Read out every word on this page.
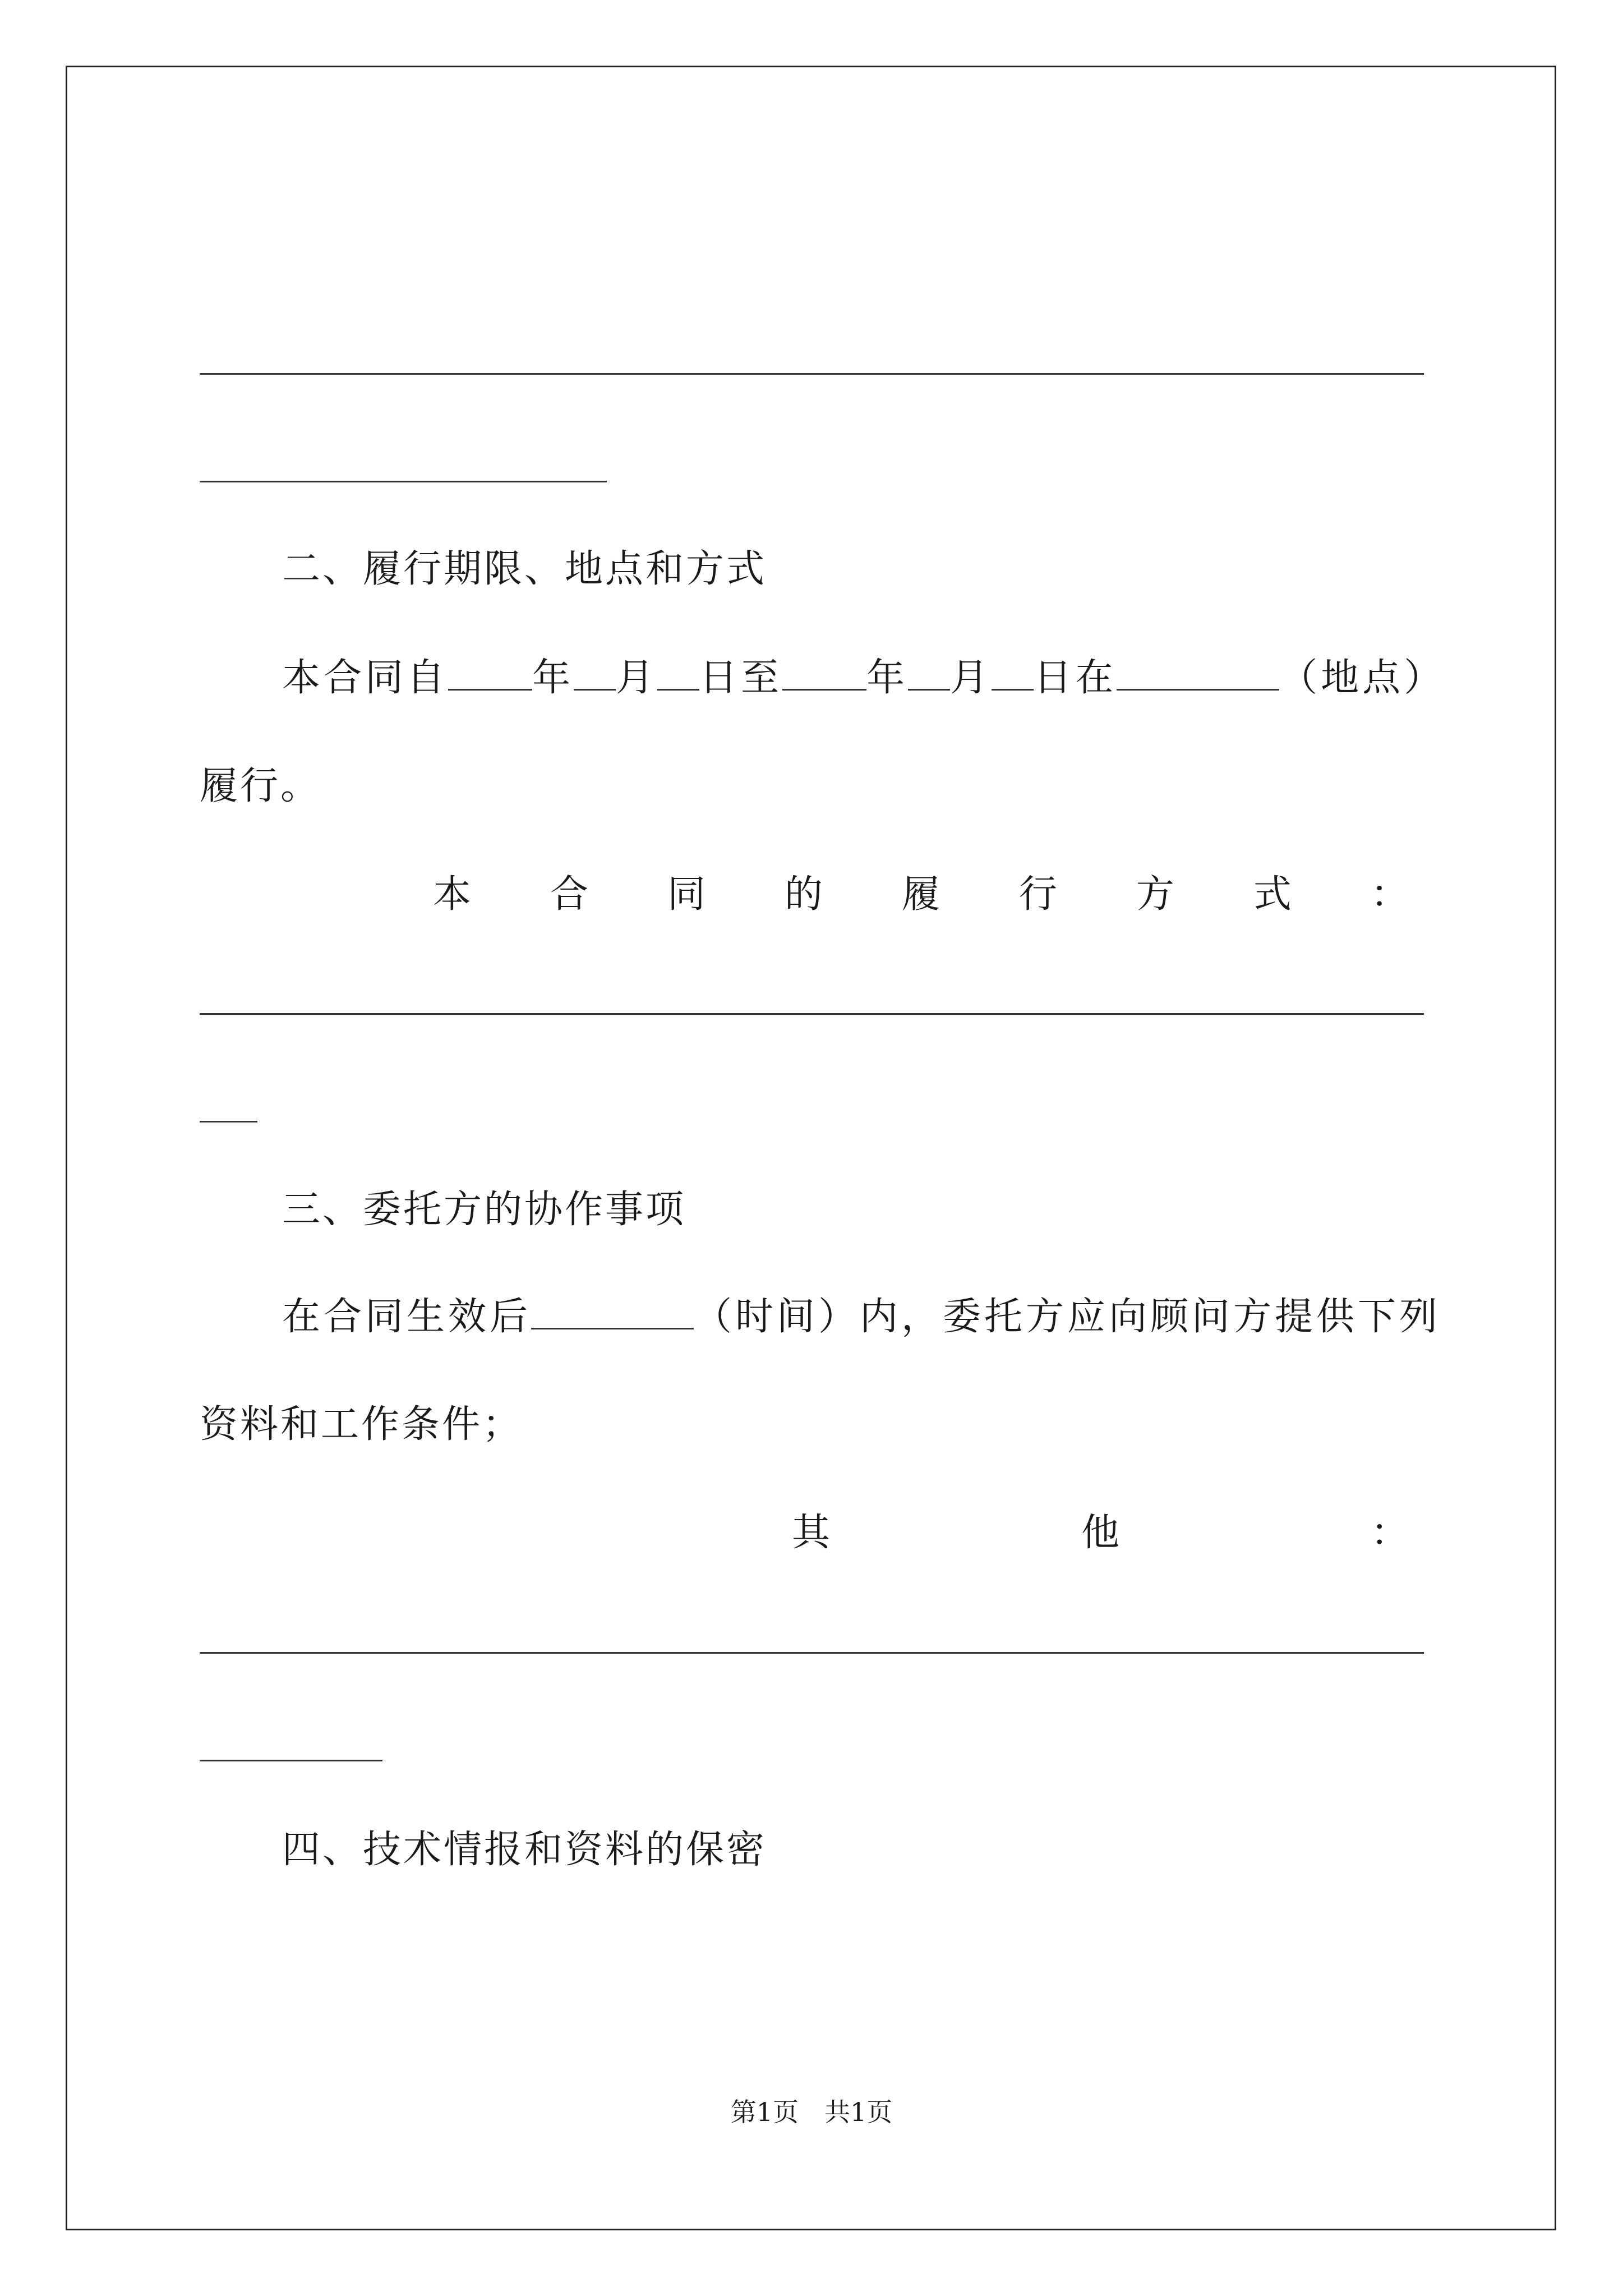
二、履行期限、地点和方式
本合同自 年 月 日至 年 月 日在	（地点）
履行。
本 合 同 的 履 行 方 式 ：
三、委托方的协作事项
在合同生效后	（时间）内，委托方应向顾问方提供下列
资料和工作条件；
其	他	：
四、技术情报和资料的保密
第1页　共1页
